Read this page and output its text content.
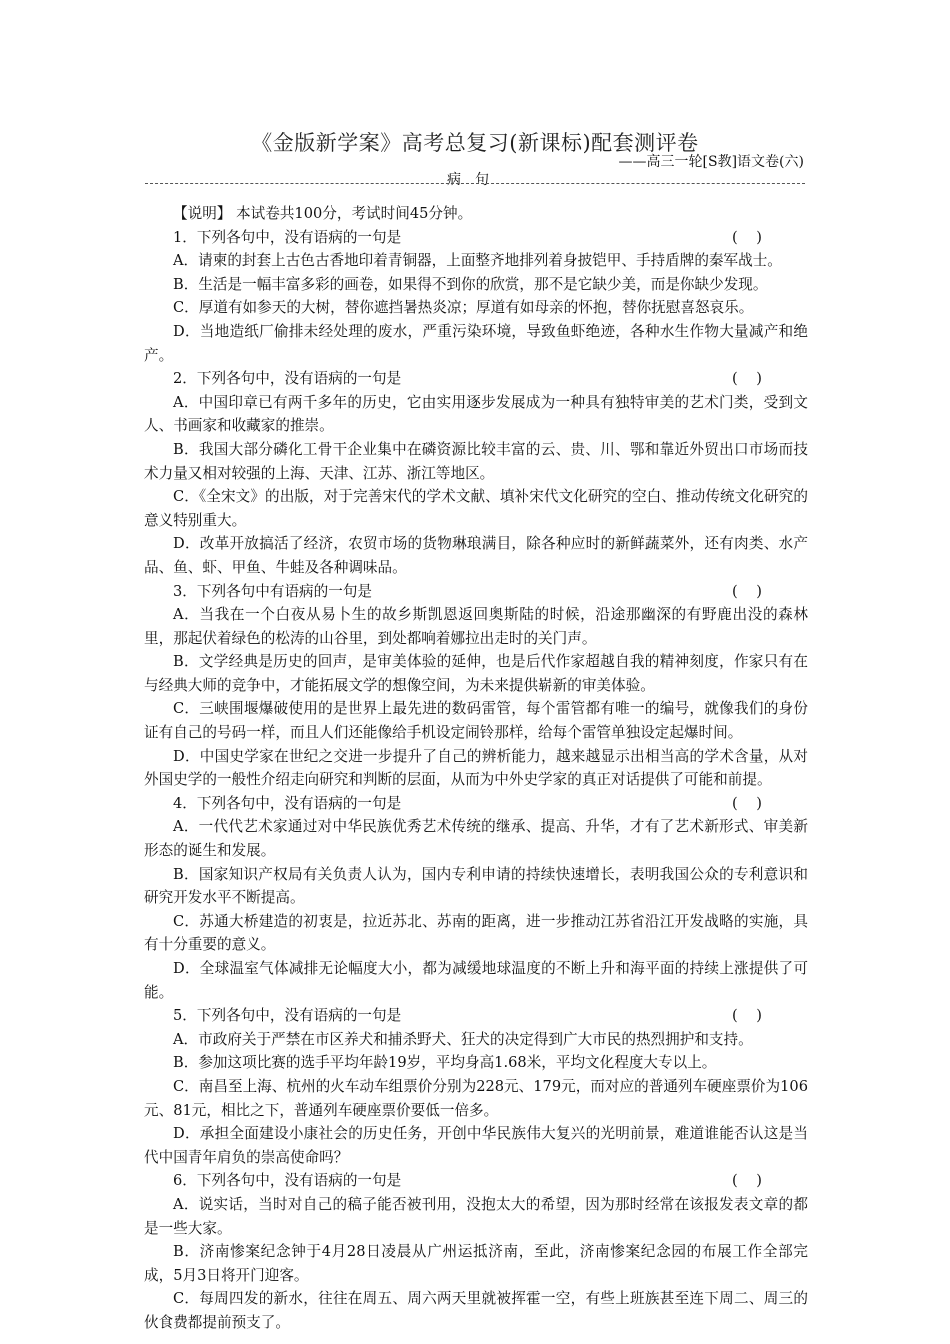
《金版新学案》高考总复习(新课标)配套测评卷
——高三一轮[S教]语文卷(六)
病句

【说明】 本试卷共100分，考试时间45分钟。

1．下列各句中，没有语病的一句是	(    )

A．请柬的封套上古色古香地印着青铜器，上面整齐地排列着身披铠甲、手持盾牌的秦军战士。

B．生活是一幅丰富多彩的画卷，如果得不到你的欣赏，那不是它缺少美，而是你缺少发现。

C．厚道有如参天的大树，替你遮挡暑热炎凉；厚道有如母亲的怀抱，替你抚慰喜怒哀乐。

D．当地造纸厂偷排未经处理的废水，严重污染环境，导致鱼虾绝迹，各种水生作物大量减产和绝产。

2．下列各句中，没有语病的一句是	(    )

A．中国印章已有两千多年的历史，它由实用逐步发展成为一种具有独特审美的艺术门类，受到文人、书画家和收藏家的推崇。

B．我国大部分磷化工骨干企业集中在磷资源比较丰富的云、贵、川、鄂和靠近外贸出口市场而技术力量又相对较强的上海、天津、江苏、浙江等地区。

C．《全宋文》的出版，对于完善宋代的学术文献、填补宋代文化研究的空白、推动传统文化研究的意义特别重大。

D．改革开放搞活了经济，农贸市场的货物琳琅满目，除各种应时的新鲜蔬菜外，还有肉类、水产品、鱼、虾、甲鱼、牛蛙及各种调味品。

3．下列各句中有语病的一句是	(    )

A．当我在一个白夜从易卜生的故乡斯凯恩返回奥斯陆的时候，沿途那幽深的有野鹿出没的森林里，那起伏着绿色的松涛的山谷里，到处都响着娜拉出走时的关门声。

B．文学经典是历史的回声，是审美体验的延伸，也是后代作家超越自我的精神刻度，作家只有在与经典大师的竞争中，才能拓展文学的想像空间，为未来提供崭新的审美体验。

C．三峡围堰爆破使用的是世界上最先进的数码雷管，每个雷管都有唯一的编号，就像我们的身份证有自己的号码一样，而且人们还能像给手机设定闹铃那样，给每个雷管单独设定起爆时间。

D．中国史学家在世纪之交进一步提升了自己的辨析能力，越来越显示出相当高的学术含量，从对外国史学的一般性介绍走向研究和判断的层面，从而为中外史学家的真正对话提供了可能和前提。

4．下列各句中，没有语病的一句是	(    )

A．一代代艺术家通过对中华民族优秀艺术传统的继承、提高、升华，才有了艺术新形式、审美新形态的诞生和发展。

B．国家知识产权局有关负责人认为，国内专利申请的持续快速增长，表明我国公众的专利意识和研究开发水平不断提高。

C．苏通大桥建造的初衷是，拉近苏北、苏南的距离，进一步推动江苏省沿江开发战略的实施，具有十分重要的意义。

D．全球温室气体减排无论幅度大小，都为减缓地球温度的不断上升和海平面的持续上涨提供了可能。

5．下列各句中，没有语病的一句是	(    )

A．市政府关于严禁在市区养犬和捕杀野犬、狂犬的决定得到广大市民的热烈拥护和支持。

B．参加这项比赛的选手平均年龄19岁，平均身高1.68米，平均文化程度大专以上。

C．南昌至上海、杭州的火车动车组票价分别为228元、179元，而对应的普通列车硬座票价为106元、81元，相比之下，普通列车硬座票价要低一倍多。

D．承担全面建设小康社会的历史任务，开创中华民族伟大复兴的光明前景，难道谁能否认这是当代中国青年肩负的崇高使命吗？

6．下列各句中，没有语病的一句是	(    )

A．说实话，当时对自己的稿子能否被刊用，没抱太大的希望，因为那时经常在该报发表文章的都是一些大家。

B．济南惨案纪念钟于4月28日凌晨从广州运抵济南，至此，济南惨案纪念园的布展工作全部完成，5月3日将开门迎客。

C．每周四发的新水，往往在周五、周六两天里就被挥霍一空，有些上班族甚至连下周二、周三的伙食费都提前预支了。
